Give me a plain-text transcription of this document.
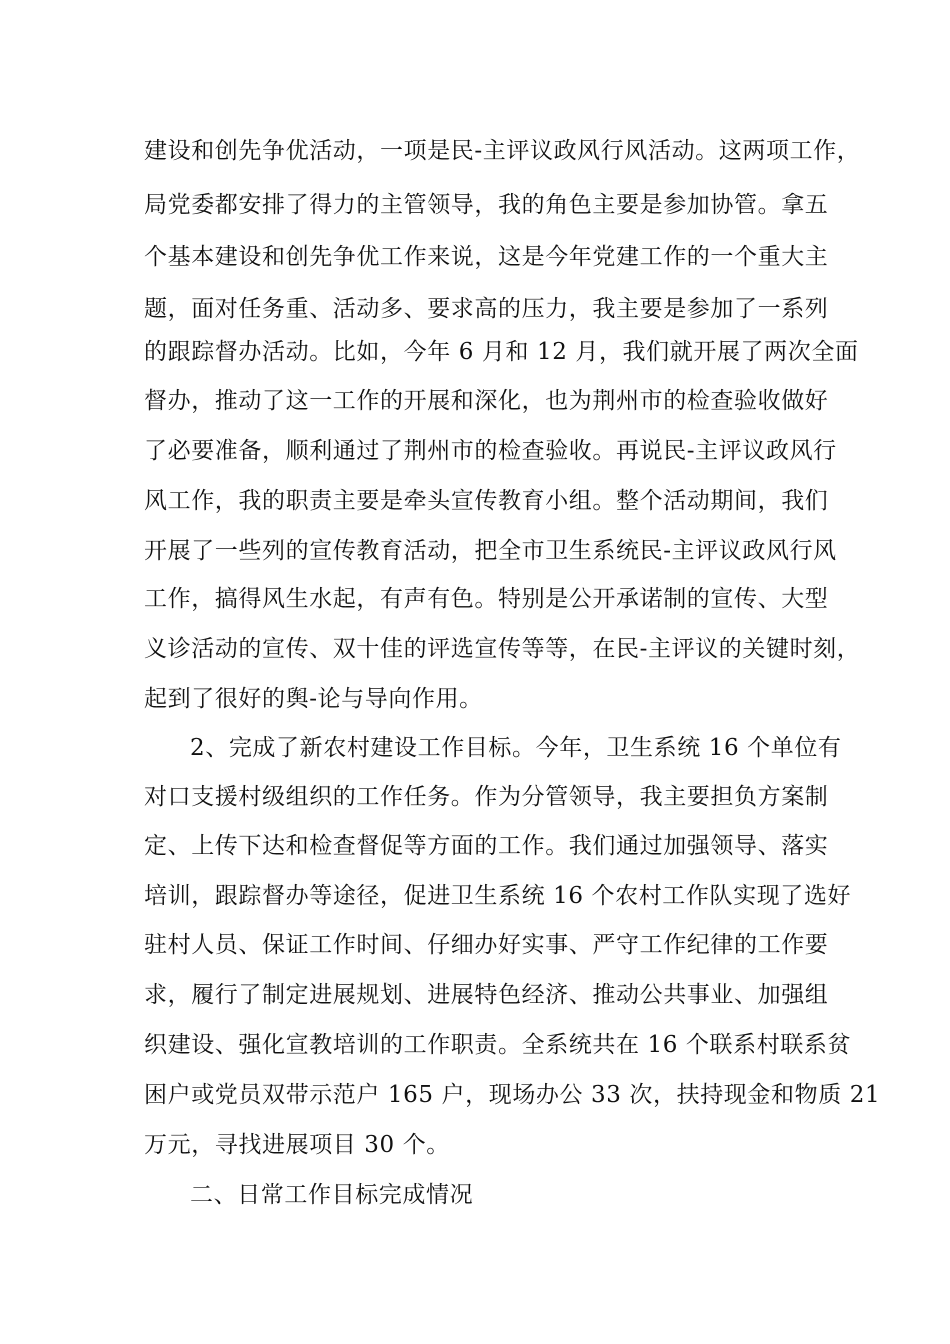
建设和创先争优活动，一项是民-主评议政风行风活动。这两项工作，
局党委都安排了得力的主管领导，我的角色主要是参加协管。拿五
个基本建设和创先争优工作来说，这是今年党建工作的一个重大主
题，面对任务重、活动多、要求高的压力，我主要是参加了一系列
的跟踪督办活动。比如，今年 6 月和 12 月，我们就开展了两次全面
督办，推动了这一工作的开展和深化，也为荆州市的检查验收做好
了必要准备，顺利通过了荆州市的检查验收。再说民-主评议政风行
风工作，我的职责主要是牵头宣传教育小组。整个活动期间，我们
开展了一些列的宣传教育活动，把全市卫生系统民-主评议政风行风
工作，搞得风生水起，有声有色。特别是公开承诺制的宣传、大型
义诊活动的宣传、双十佳的评选宣传等等，在民-主评议的关键时刻，
起到了很好的舆-论与导向作用。
2、完成了新农村建设工作目标。今年，卫生系统 16 个单位有
对口支援村级组织的工作任务。作为分管领导，我主要担负方案制
定、上传下达和检查督促等方面的工作。我们通过加强领导、落实
培训，跟踪督办等途径，促进卫生系统 16 个农村工作队实现了选好
驻村人员、保证工作时间、仔细办好实事、严守工作纪律的工作要
求，履行了制定进展规划、进展特色经济、推动公共事业、加强组
织建设、强化宣教培训的工作职责。全系统共在 16 个联系村联系贫
困户或党员双带示范户 165 户，现场办公 33 次，扶持现金和物质 21
万元，寻找进展项目 30 个。
二、日常工作目标完成情况
